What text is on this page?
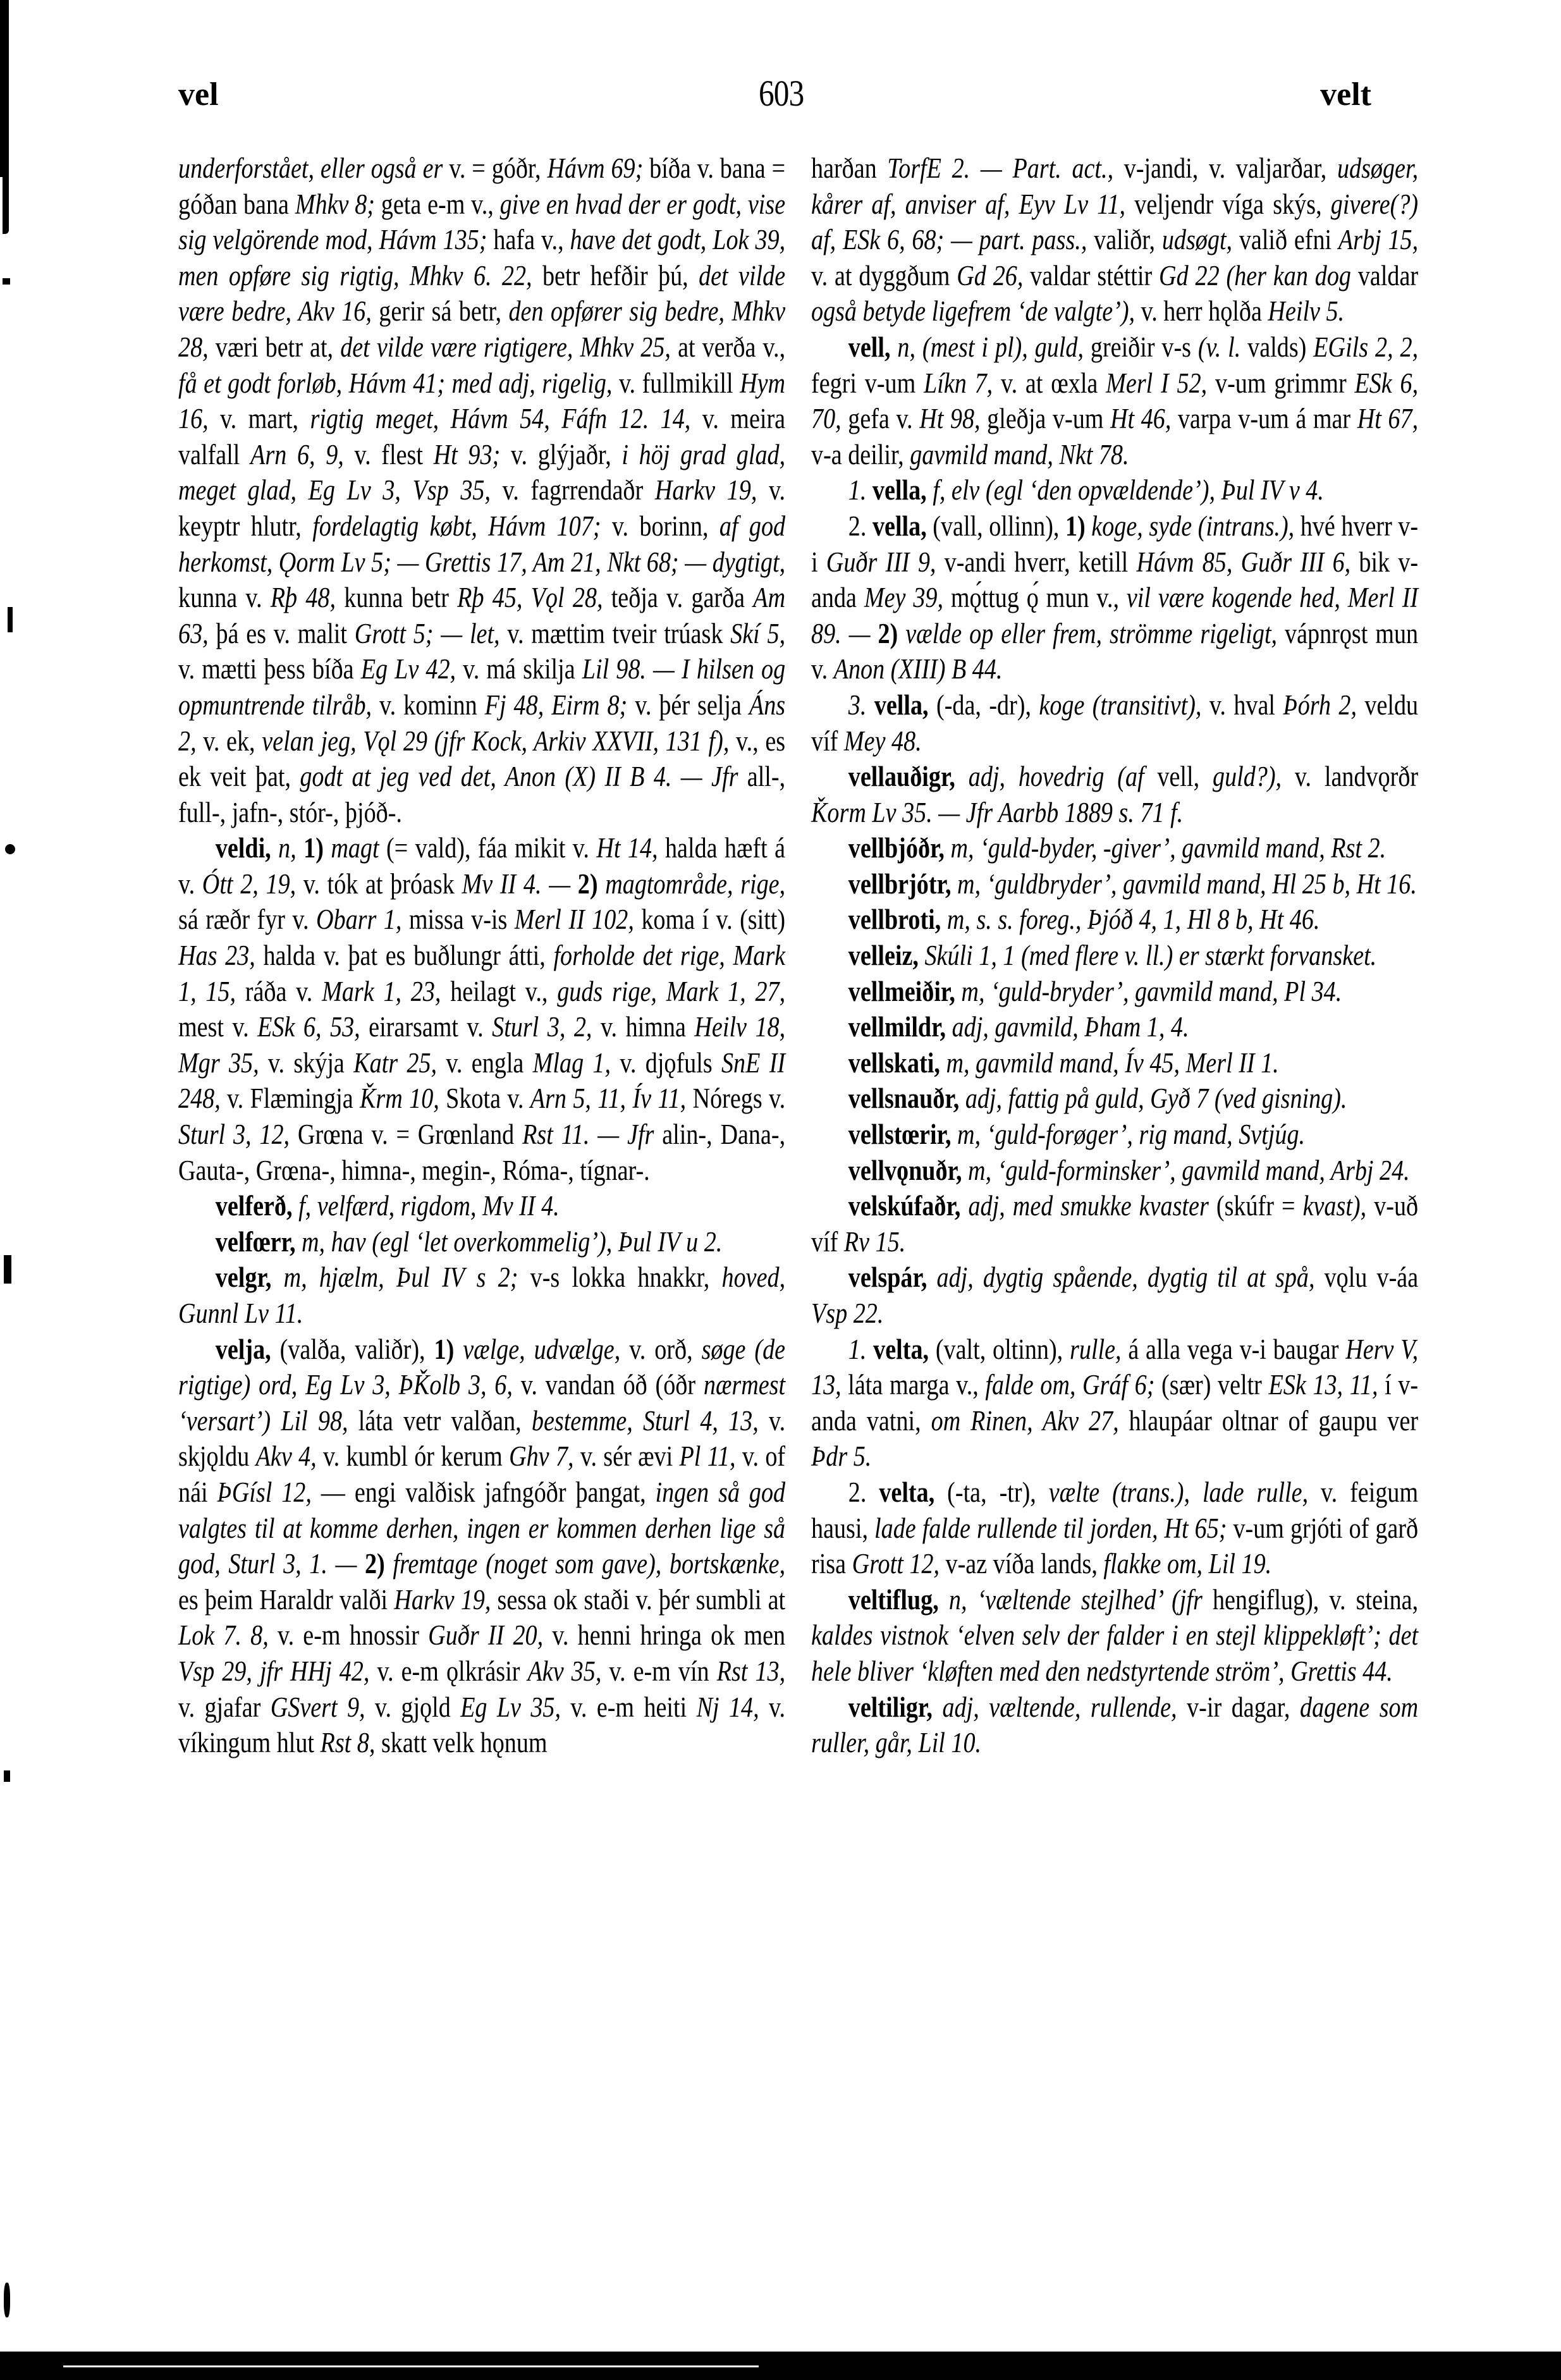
vel	603	velt

underforstået, eller også er v. = góðr, Hávm 69; bíða v. bana = góðan bana Mhkv 8; geta e-m v., give en hvad der er godt, vise sig velgörende mod, Hávm 135; hafa v., have det godt, Lok 39, men opføre sig rigtig, Mhkv 6. 22, betr hefðir þú, det vilde være bedre, Akv 16, gerir sá betr, den opfører sig bedre, Mhkv 28, væri betr at, det vilde være rigtigere, Mhkv 25, at verða v., få et godt forløb, Hávm 41; med adj, rigelig, v. fullmikill Hym 16, v. mart, rigtig meget, Hávm 54, Fáfn 12. 14, v. meira valfall Arn 6, 9, v. flest Ht 93; v. glýjaðr, i höj grad glad, meget glad, Eg Lv 3, Vsp 35, v. fagrrendaðr Harkv 19, v. keyptr hlutr, fordelagtig købt, Hávm 107; v. borinn, af god herkomst, Ǫorm Lv 5; — Grettis 17, Am 21, Nkt 68; — dygtigt, kunna v. Rþ 48, kunna betr Rþ 45, Vǫl 28, teðja v. garða Am 63, þá es v. malit Grott 5; — let, v. mættim tveir trúask Skí 5, v. mætti þess bíða Eg Lv 42, v. má skilja Lil 98. — I hilsen og opmuntrende tilråb, v. kominn Fj 48, Eirm 8; v. þér selja Áns 2, v. ek, velan jeg, Vǫl 29 (jfr Kock, Arkiv XXVII, 131 f), v., es ek veit þat, godt at jeg ved det, Anon (X) II B 4. — Jfr all-, full-, jafn-, stór-, þjóð-.

veldi, n, 1) magt (= vald), fáa mikit v. Ht 14, halda hæft á v. Ótt 2, 19, v. tók at þróask Mv II 4. — 2) magtområde, rige, sá ræðr fyr v. Obarr 1, missa v-is Merl II 102, koma í v. (sitt) Has 23, halda v. þat es buðlungr átti, forholde det rige, Mark 1, 15, ráða v. Mark 1, 23, heilagt v., guds rige, Mark 1, 27, mest v. ESk 6, 53, eirarsamt v. Sturl 3, 2, v. himna Heilv 18, Mgr 35, v. skýja Katr 25, v. engla Mlag 1, v. djǫfuls SnE II 248, v. Flæmingja Ǩrm 10, Skota v. Arn 5, 11, Ív 11, Nóregs v. Sturl 3, 12, Grœna v. = Grœnland Rst 11. — Jfr alin-, Dana-, Gauta-, Grœna-, himna-, megin-, Róma-, tígnar-.

velferð, f, velfærd, rigdom, Mv II 4.

velfœrr, m, hav (egl ‘let overkommelig’), Þul IV u 2.

velgr, m, hjælm, Þul IV s 2; v-s lokka hnakkr, hoved, Gunnl Lv 11.

velja, (valða, valiðr), 1) vælge, udvælge, v. orð, søge (de rigtige) ord, Eg Lv 3, ÞǨolb 3, 6, v. vandan óð (óðr nærmest ‘versart’) Lil 98, láta vetr valðan, bestemme, Sturl 4, 13, v. skjǫldu Akv 4, v. kumbl ór kerum Ghv 7, v. sér ævi Pl 11, v. of nái ÞGísl 12, — engi valðisk jafngóðr þangat, ingen så god valgtes til at komme derhen, ingen er kommen derhen lige så god, Sturl 3, 1. — 2) fremtage (noget som gave), bortskænke, es þeim Haraldr valði Harkv 19, sessa ok staði v. þér sumbli at Lok 7. 8, v. e-m hnossir Guðr II 20, v. henni hringa ok men Vsp 29, jfr HHj 42, v. e-m ǫlkrásir Akv 35, v. e-m vín Rst 13, v. gjafar GSvert 9, v. gjǫld Eg Lv 35, v. e-m heiti Nj 14, v. víkingum hlut Rst 8, skatt velk hǫnum

harðan TorfE 2. — Part. act., v-jandi, v. valjarðar, udsøger, kårer af, anviser af, Eyv Lv 11, veljendr víga skýs, givere(?) af, ESk 6, 68; — part. pass., valiðr, udsøgt, valið efni Arbj 15, v. at dyggðum Gd 26, valdar stéttir Gd 22 (her kan dog valdar også betyde ligefrem ‘de valgte’), v. herr hǫlða Heilv 5.

vell, n, (mest i pl), guld, greiðir v-s (v. l. valds) EGils 2, 2, fegri v-um Líkn 7, v. at œxla Merl I 52, v-um grimmr ESk 6, 70, gefa v. Ht 98, gleðja v-um Ht 46, varpa v-um á mar Ht 67, v-a deilir, gavmild mand, Nkt 78.

1. vella, f, elv (egl ‘den opvældende’), Þul IV v 4.

2. vella, (vall, ollinn), 1) koge, syde (intrans.), hvé hverr v-i Guðr III 9, v-andi hverr, ketill Hávm 85, Guðr III 6, bik v-anda Mey 39, mǫ́ttug ǫ́ mun v., vil være kogende hed, Merl II 89. — 2) vælde op eller frem, strömme rigeligt, vápnrǫst mun v. Anon (XIII) B 44.

3. vella, (-da, -dr), koge (transitivt), v. hval Þórh 2, veldu víf Mey 48.

vellauðigr, adj, hovedrig (af vell, guld?), v. landvǫrðr Ǩorm Lv 35. — Jfr Aarbb 1889 s. 71 f.

vellbjóðr, m, ‘guld-byder, -giver’, gavmild mand, Rst 2.

vellbrjótr, m, ‘guldbryder’, gavmild mand, Hl 25 b, Ht 16.

vellbroti, m, s. s. foreg., Þjóð 4, 1, Hl 8 b, Ht 46.

velleiz, Skúli 1, 1 (med flere v. ll.) er stærkt forvansket.

vellmeiðir, m, ‘guld-bryder’, gavmild mand, Pl 34.

vellmildr, adj, gavmild, Þham 1, 4.

vellskati, m, gavmild mand, Ív 45, Merl II 1.

vellsnauðr, adj, fattig på guld, Gyð 7 (ved gisning).

vellstœrir, m, ‘guld-forøger’, rig mand, Svtjúg.

vellvǫnuðr, m, ‘guld-forminsker’, gavmild mand, Arbj 24.

velskúfaðr, adj, med smukke kvaster (skúfr = kvast), v-uð víf Rv 15.

velspár, adj, dygtig spående, dygtig til at spå, vǫlu v-áa Vsp 22.

1. velta, (valt, oltinn), rulle, á alla vega v-i baugar Herv V, 13, láta marga v., falde om, Gráf 6; (sær) veltr ESk 13, 11, í v-anda vatni, om Rinen, Akv 27, hlaupáar oltnar of gaupu ver Þdr 5.

2. velta, (-ta, -tr), vælte (trans.), lade rulle, v. feigum hausi, lade falde rullende til jorden, Ht 65; v-um grjóti of garð risa Grott 12, v-az víða lands, flakke om, Lil 19.

veltiflug, n, ‘væltende stejlhed’ (jfr hengiflug), v. steina, kaldes vistnok ‘elven selv der falder i en stejl klippekløft’; det hele bliver ‘kløften med den nedstyrtende ström’, Grettis 44.

veltiligr, adj, væltende, rullende, v-ir dagar, dagene som ruller, går, Lil 10.
